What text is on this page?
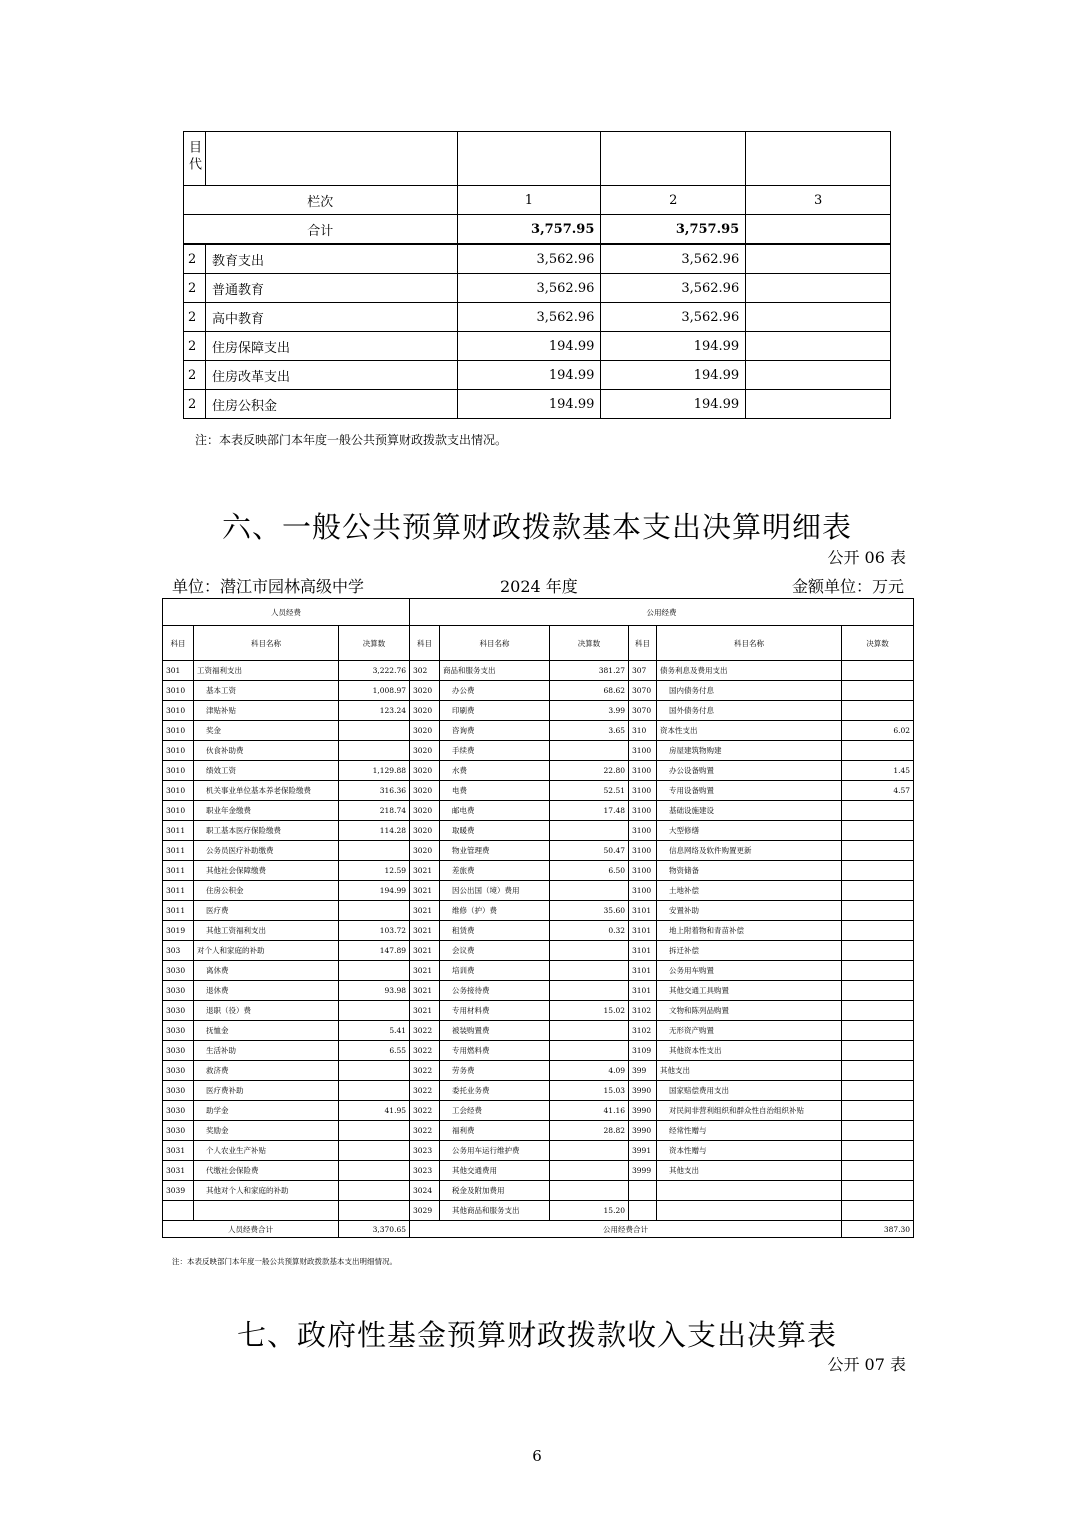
目代				
栏次		1	2	3
合计		3,757.95	3,757.95	
2	教育支出	3,562.96	3,562.96	
2	普通教育	3,562.96	3,562.96	
2	高中教育	3,562.96	3,562.96	
2	住房保障支出	194.99	194.99	
2	住房改革支出	194.99	194.99	
2	住房公积金	194.99	194.99	
注：本表反映部门本年度一般公共预算财政拨款支出情况。
六、一般公共预算财政拨款基本支出决算明细表
公开 06 表
单位：潜江市园林高级中学	2024 年度	金额单位：万元
人员经费			公用经费					
科目	科目名称	决算数	科目	科目名称	决算数	科目	科目名称	决算数
301	工资福利支出	3,222.76	302	商品和服务支出	381.27	307	债务利息及费用支出	
3010	基本工资	1,008.97	3020	办公费	68.62	3070	国内债务付息	
3010	津贴补贴	123.24	3020	印刷费	3.99	3070	国外债务付息	
3010	奖金		3020	咨询费	3.65	310	资本性支出	6.02
3010	伙食补助费		3020	手续费		3100	房屋建筑物购建	
3010	绩效工资	1,129.88	3020	水费	22.80	3100	办公设备购置	1.45
3010	机关事业单位基本养老保险缴费	316.36	3020	电费	52.51	3100	专用设备购置	4.57
3010	职业年金缴费	218.74	3020	邮电费	17.48	3100	基础设施建设	
3011	职工基本医疗保险缴费	114.28	3020	取暖费		3100	大型修缮	
3011	公务员医疗补助缴费		3020	物业管理费	50.47	3100	信息网络及软件购置更新	
3011	其他社会保障缴费	12.59	3021	差旅费	6.50	3100	物资储备	
3011	住房公积金	194.99	3021	因公出国（境）费用		3100	土地补偿	
3011	医疗费		3021	维修（护）费	35.60	3101	安置补助	
3019	其他工资福利支出	103.72	3021	租赁费	0.32	3101	地上附着物和青苗补偿	
303	对个人和家庭的补助	147.89	3021	会议费		3101	拆迁补偿	
3030	离休费		3021	培训费		3101	公务用车购置	
3030	退休费	93.98	3021	公务接待费		3101	其他交通工具购置	
3030	退职（役）费		3021	专用材料费	15.02	3102	文物和陈列品购置	
3030	抚恤金	5.41	3022	被装购置费		3102	无形资产购置	
3030	生活补助	6.55	3022	专用燃料费		3109	其他资本性支出	
3030	救济费		3022	劳务费	4.09	399	其他支出	
3030	医疗费补助		3022	委托业务费	15.03	3990	国家赔偿费用支出	
3030	助学金	41.95	3022	工会经费	41.16	3990	对民间非营利组织和群众性自治组织补贴	
3030	奖励金		3022	福利费	28.82	3990	经常性赠与	
3031	个人农业生产补贴		3023	公务用车运行维护费		3991	资本性赠与	
3031	代缴社会保险费		3023	其他交通费用		3999	其他支出	
3039	其他对个人和家庭的补助		3024	税金及附加费用				
			3029	其他商品和服务支出	15.20			
人员经费合计		3,370.65	公用经费合计					387.30
注：本表反映部门本年度一般公共预算财政拨款基本支出明细情况。
七、政府性基金预算财政拨款收入支出决算表
公开 07 表
6
